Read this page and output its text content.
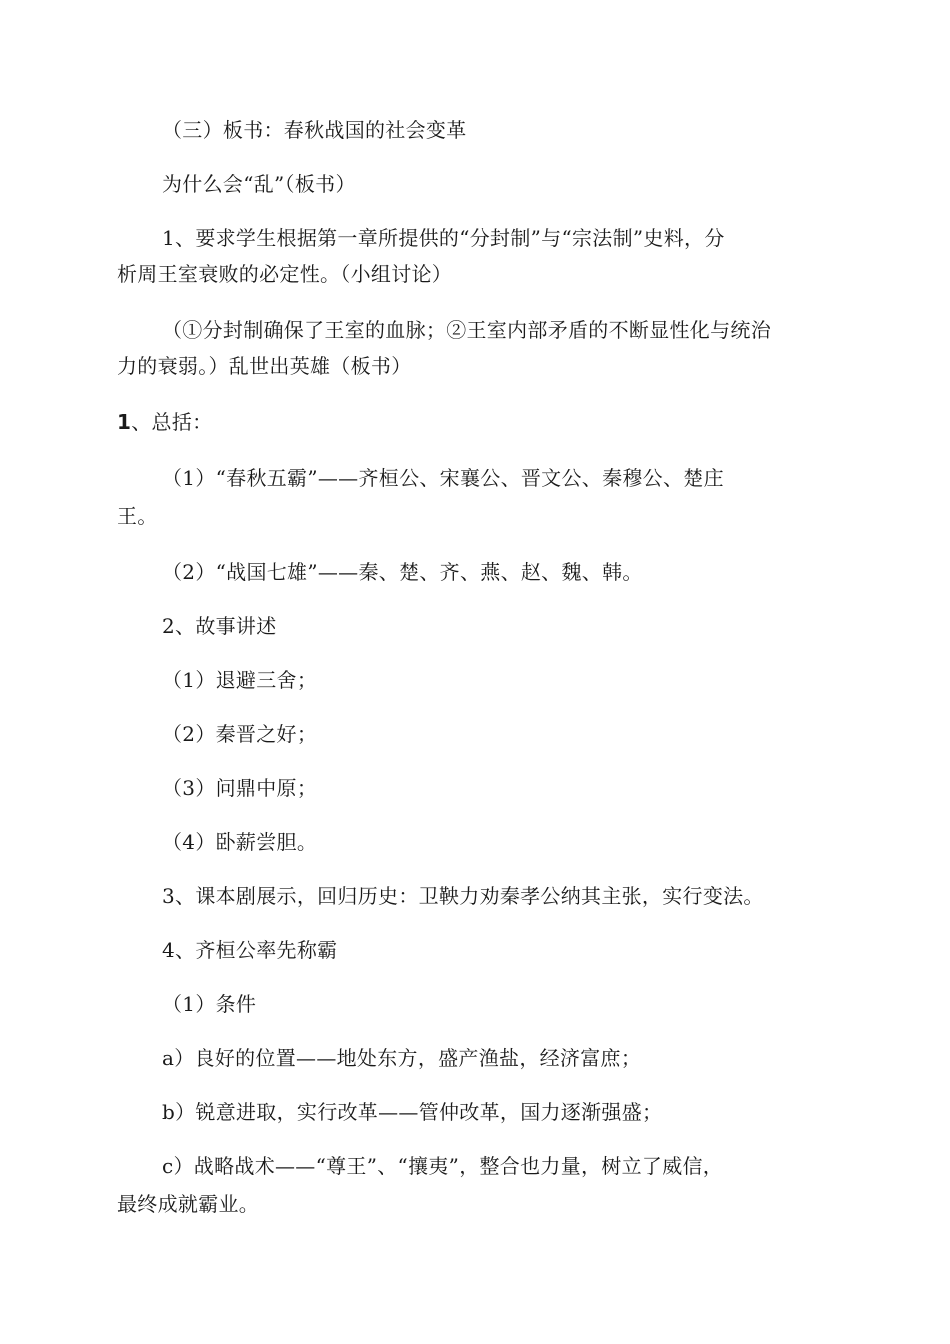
（三）板书：春秋战国的社会变革
为什么会“乱”（板书）
1、要求学生根据第一章所提供的“分封制”与“宗法制”史料，分
析周王室衰败的必定性。（小组讨论）
（①分封制确保了王室的血脉；②王室内部矛盾的不断显性化与统治
力的衰弱。）乱世出英雄（板书）
1、总括：
（1）“春秋五霸”——齐桓公、宋襄公、晋文公、秦穆公、楚庄
王。
（2）“战国七雄”——秦、楚、齐、燕、赵、魏、韩。
2、故事讲述
（1）退避三舍；
（2）秦晋之好；
（3）问鼎中原；
（4）卧薪尝胆。
3、课本剧展示，回归历史：卫鞅力劝秦孝公纳其主张，实行变法。
4、齐桓公率先称霸
（1）条件
a）良好的位置——地处东方，盛产渔盐，经济富庶；
b）锐意进取，实行改革——管仲改革，国力逐渐强盛；
c）战略战术——“尊王”、“攘夷”，整合也力量，树立了威信，
最终成就霸业。
